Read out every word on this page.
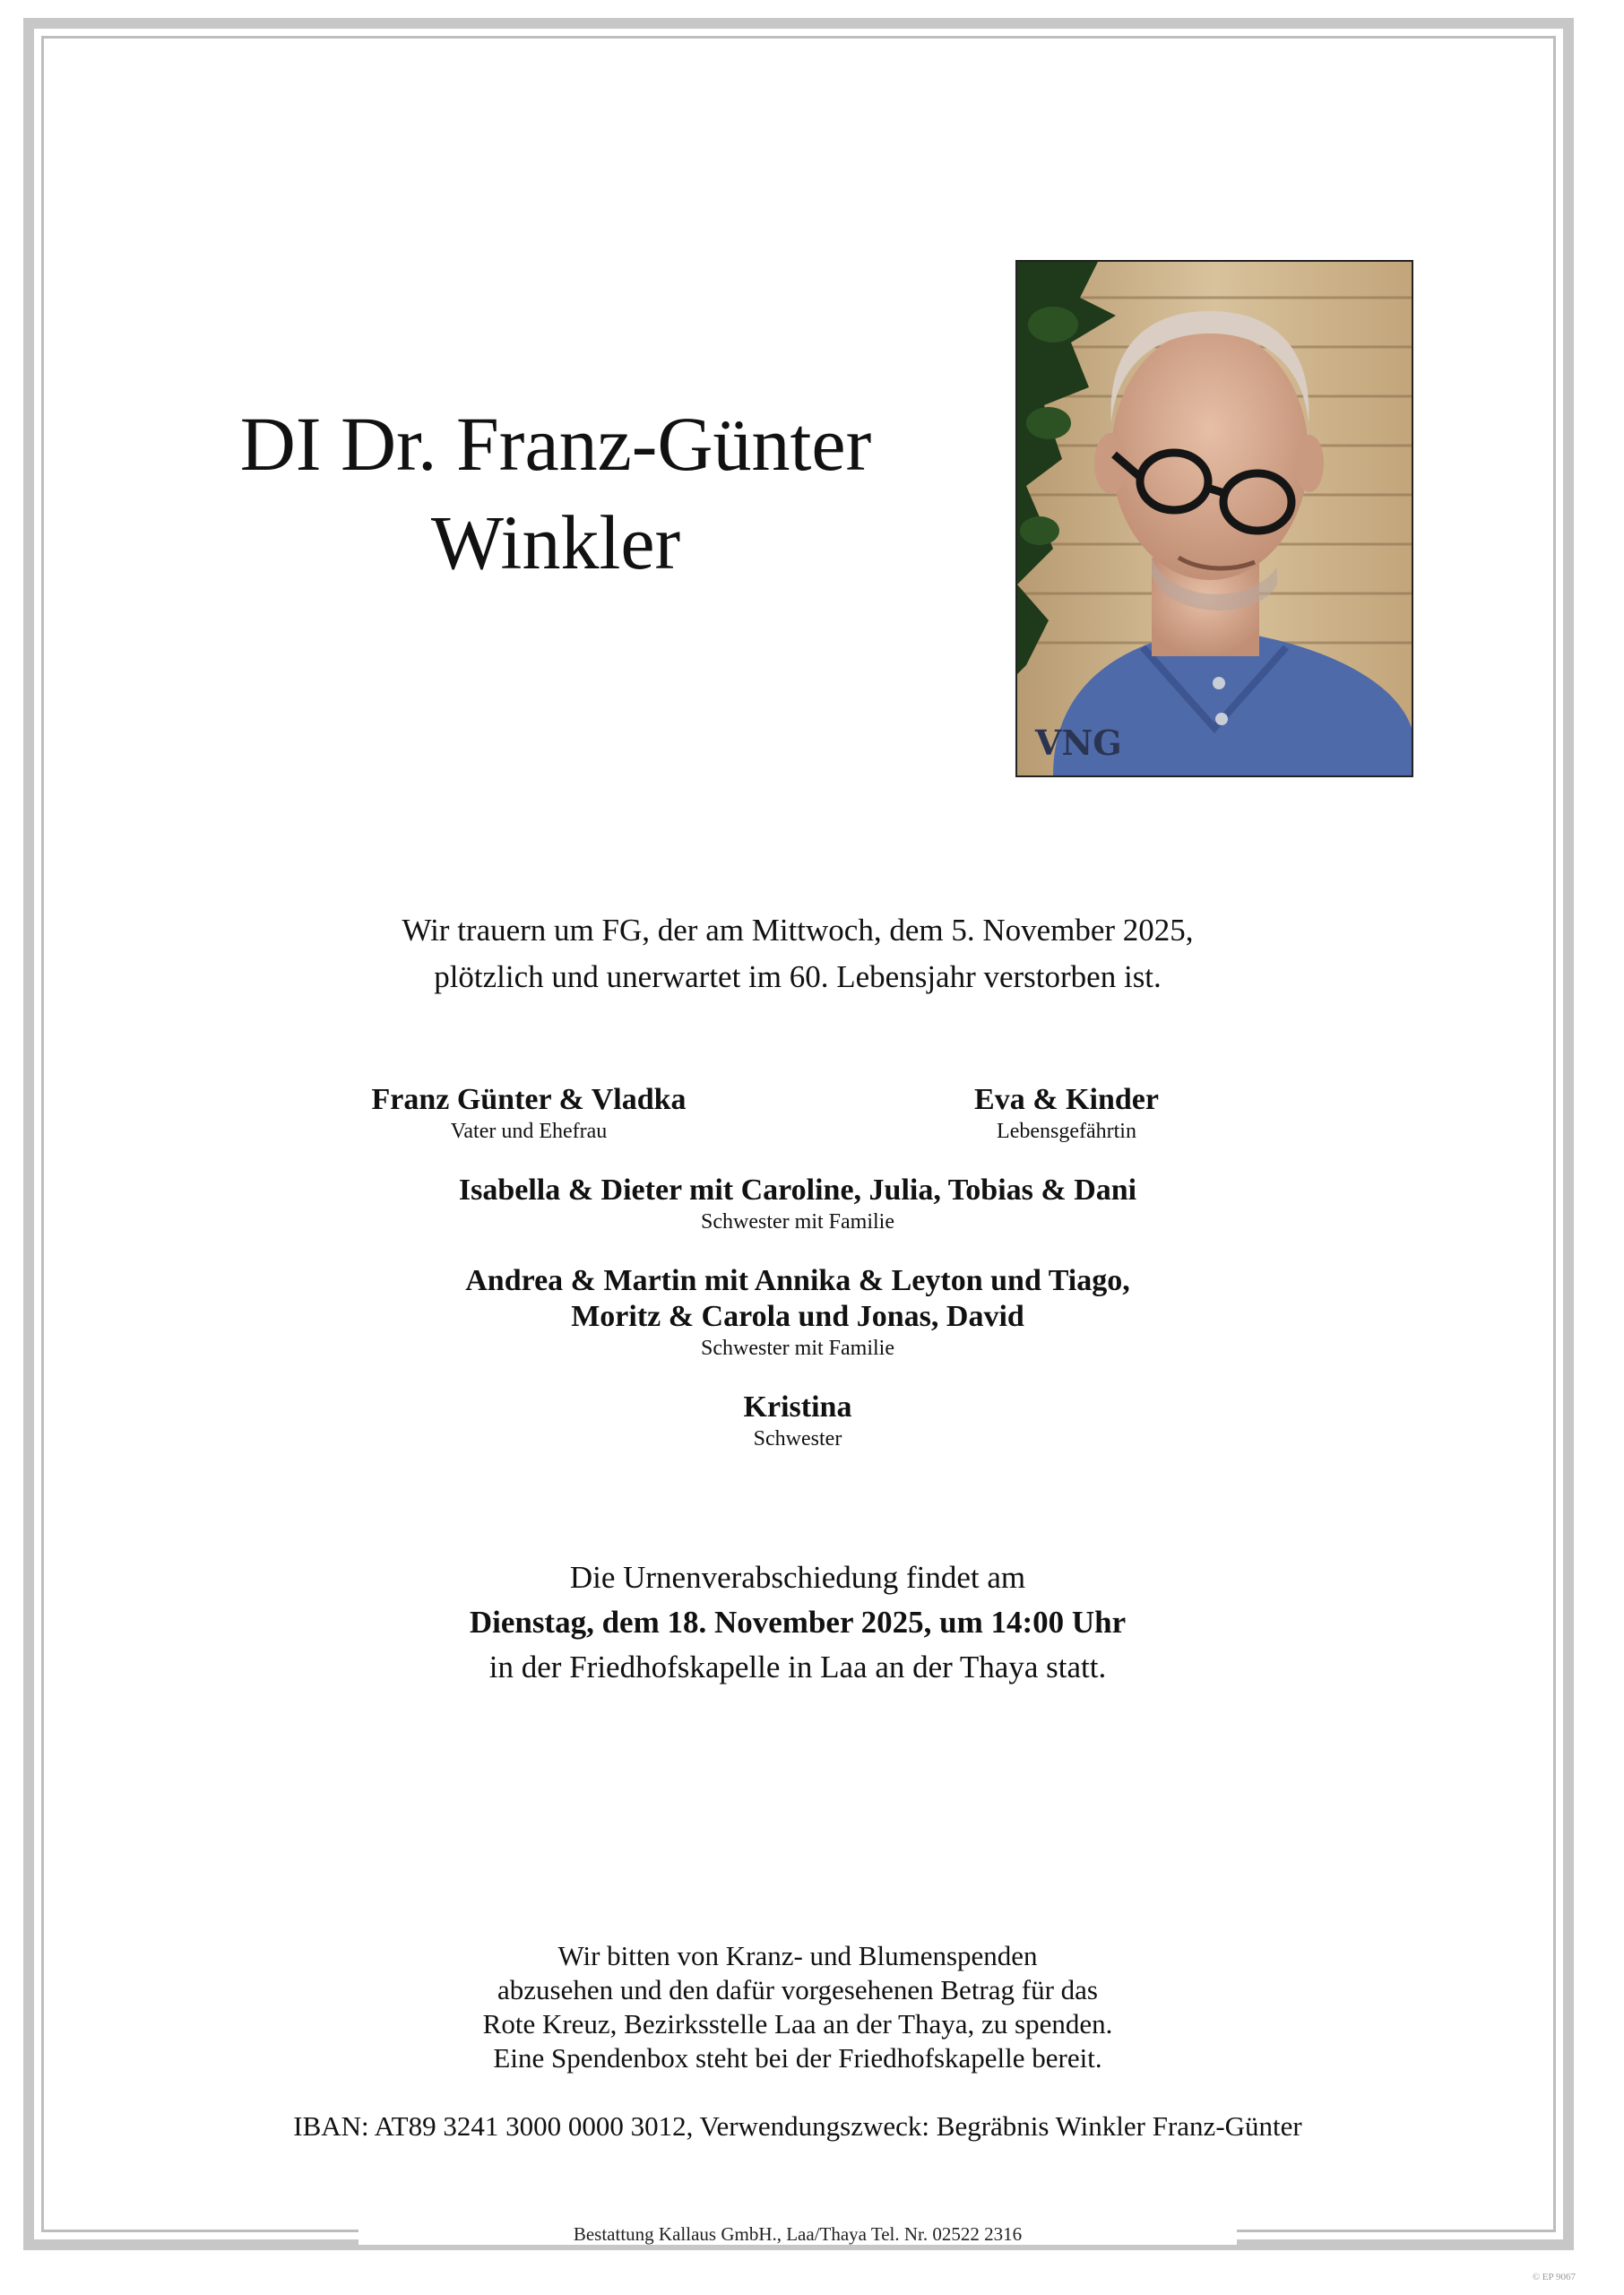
DI Dr. Franz-Günter
Winkler
VNG
Wir trauern um FG, der am Mittwoch, dem 5. November 2025,
plötzlich und unerwartet im 60. Lebensjahr verstorben ist.
Franz Günter & Vladka
Vater und Ehefrau
Eva & Kinder
Lebensgefährtin
Isabella & Dieter mit Caroline, Julia, Tobias & Dani
Schwester mit Familie
Andrea & Martin mit Annika & Leyton und Tiago,
Moritz & Carola und Jonas, David
Schwester mit Familie
Kristina
Schwester
Die Urnenverabschiedung findet am
Dienstag, dem 18. November 2025, um 14:00 Uhr
in der Friedhofskapelle in Laa an der Thaya statt.
Wir bitten von Kranz- und Blumenspenden
abzusehen und den dafür vorgesehenen Betrag für das
Rote Kreuz, Bezirksstelle Laa an der Thaya, zu spenden.
Eine Spendenbox steht bei der Friedhofskapelle bereit.
IBAN: AT89 3241 3000 0000 3012, Verwendungszweck: Begräbnis Winkler Franz-Günter
Bestattung Kallaus GmbH., Laa/Thaya Tel. Nr. 02522 2316
© EP 9067
